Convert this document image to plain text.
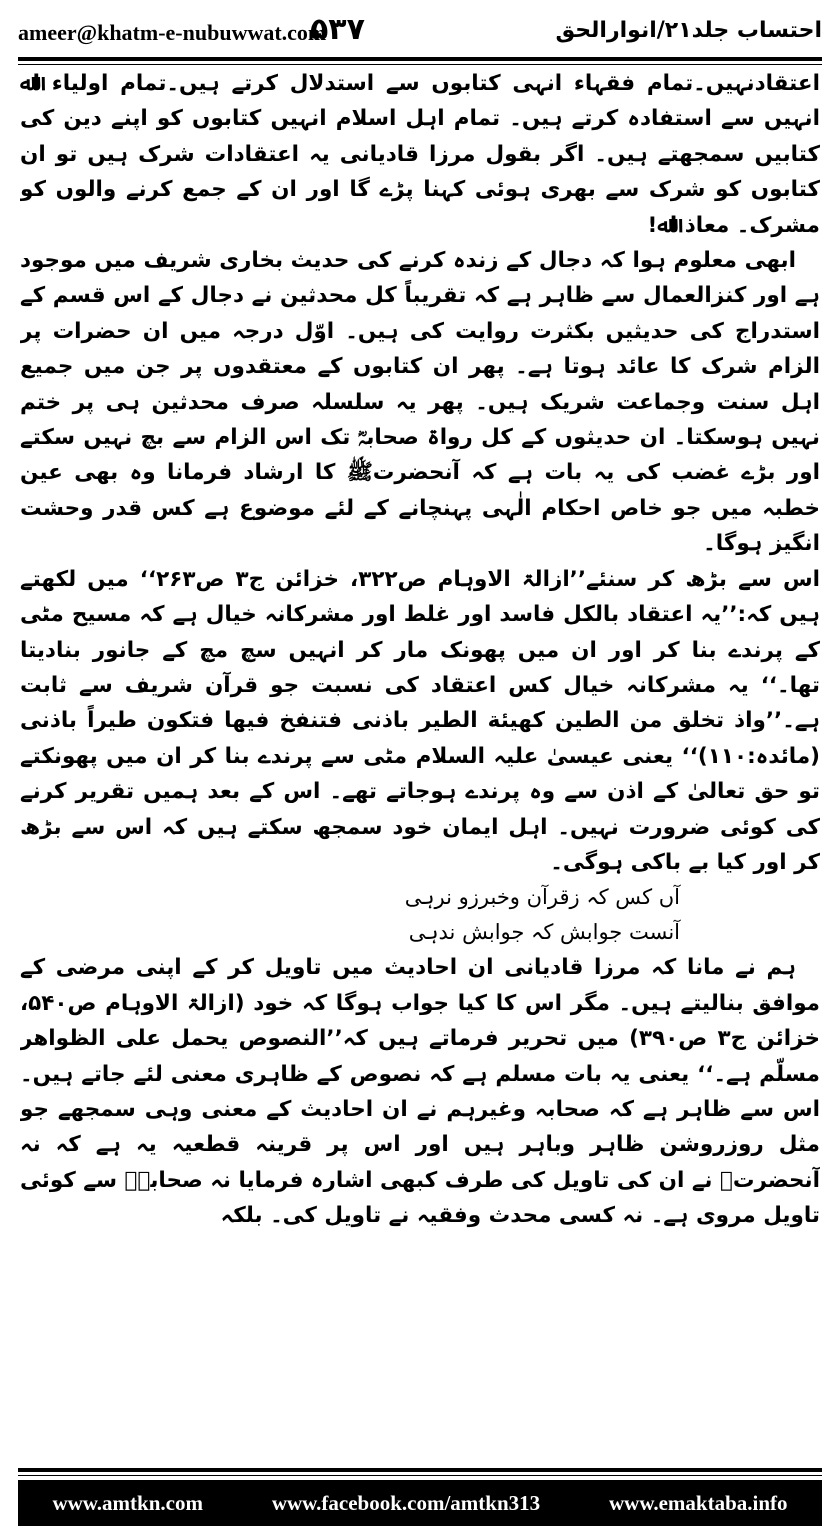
ameer@khatm-e-nubuwwat.com
۵۳۷	احتساب جلد۲۱/انوارالحق

اعتقادنہیں۔تمام فقہاء انہی کتابوں سے استدلال کرتے ہیں۔تمام اولیاء اﷲ انہیں سے استفادہ کرتے ہیں۔ تمام اہل اسلام انہیں کتابوں کو اپنے دین کی کتابیں سمجھتے ہیں۔ اگر بقول مرزا قادیانی یہ اعتقادات شرک ہیں تو ان کتابوں کو شرک سے بھری ہوئی کہنا پڑے گا اور ان کے جمع کرنے والوں کو مشرک۔ معاذ اﷲ!

ابھی معلوم ہوا کہ دجال کے زندہ کرنے کی حدیث بخاری شریف میں موجود ہے اور کنزالعمال سے ظاہر ہے کہ تقریباً کل محدثین نے دجال کے اس قسم کے استدراج کی حدیثیں بکثرت روایت کی ہیں۔ اوّل درجہ میں ان حضرات پر الزام شرک کا عائد ہوتا ہے۔ پھر ان کتابوں کے معتقدوں پر جن میں جمیع اہل سنت وجماعت شریک ہیں۔ پھر یہ سلسلہ صرف محدثین ہی پر ختم نہیں ہوسکتا۔ ان حدیثوں کے کل رواۃ صحابہؓ تک اس الزام سے بچ نہیں سکتے اور بڑے غضب کی یہ بات ہے کہ آنحضرتﷺ کا ارشاد فرمانا وہ بھی عین خطبہ میں جو خاص احکام الٰہی پہنچانے کے لئے موضوع ہے کس قدر وحشت انگیز ہوگا۔

اس سے بڑھ کر سنئے’’ازالۃ الاوہام ص۳۲۲، خزائن ج۳ ص۲۶۳‘‘ میں لکھتے ہیں کہ:’’یہ اعتقاد بالکل فاسد اور غلط اور مشرکانہ خیال ہے کہ مسیح مٹی کے پرندے بنا کر اور ان میں پھونک مار کر انہیں سچ مچ کے جانور بنادیتا تھا۔‘‘ یہ مشرکانہ خیال کس اعتقاد کی نسبت جو قرآن شریف سے ثابت ہے۔’’واذ تخلق من الطين كهيئة الطير باذنی فتنفخ فيها فتكون طيراً باذنی (مائدہ:۱۱۰)‘‘ یعنی عیسیٰ علیہ السلام مٹی سے پرندے بنا کر ان میں پھونکتے تو حق تعالیٰ کے اذن سے وہ پرندے ہوجاتے تھے۔ اس کے بعد ہمیں تقریر کرنے کی کوئی ضرورت نہیں۔ اہل ایمان خود سمجھ سکتے ہیں کہ اس سے بڑھ کر اور کیا بے باکی ہوگی۔

آں کس کہ زقرآن وخبرزو نرہی
آنست جوابش کہ جوابش ندہی

ہم نے مانا کہ مرزا قادیانی ان احادیث میں تاویل کر کے اپنی مرضی کے موافق بنالیتے ہیں۔ مگر اس کا کیا جواب ہوگا کہ خود (ازالۃ الاوہام ص۵۴۰، خزائن ج۳ ص۳۹۰) میں تحریر فرماتے ہیں کہ’’النصوص يحمل على الظواهر مسلّم ہے۔‘‘ یعنی یہ بات مسلم ہے کہ نصوص کے ظاہری معنی لئے جاتے ہیں۔ اس سے ظاہر ہے کہ صحابہ وغیرہم نے ان احادیث کے معنی وہی سمجھے جو مثل روزروشن ظاہر وباہر ہیں اور اس پر قرینہ قطعیہ یہ ہے کہ نہ آنحضرتﷺ نے ان کی تاویل کی طرف کبھی اشارہ فرمایا نہ صحابہؓ سے کوئی تاویل مروی ہے۔ نہ کسی محدث وفقیہ نے تاویل کی۔ بلکہ

www.amtkn.com	www.facebook.com/amtkn313	www.emaktaba.info
